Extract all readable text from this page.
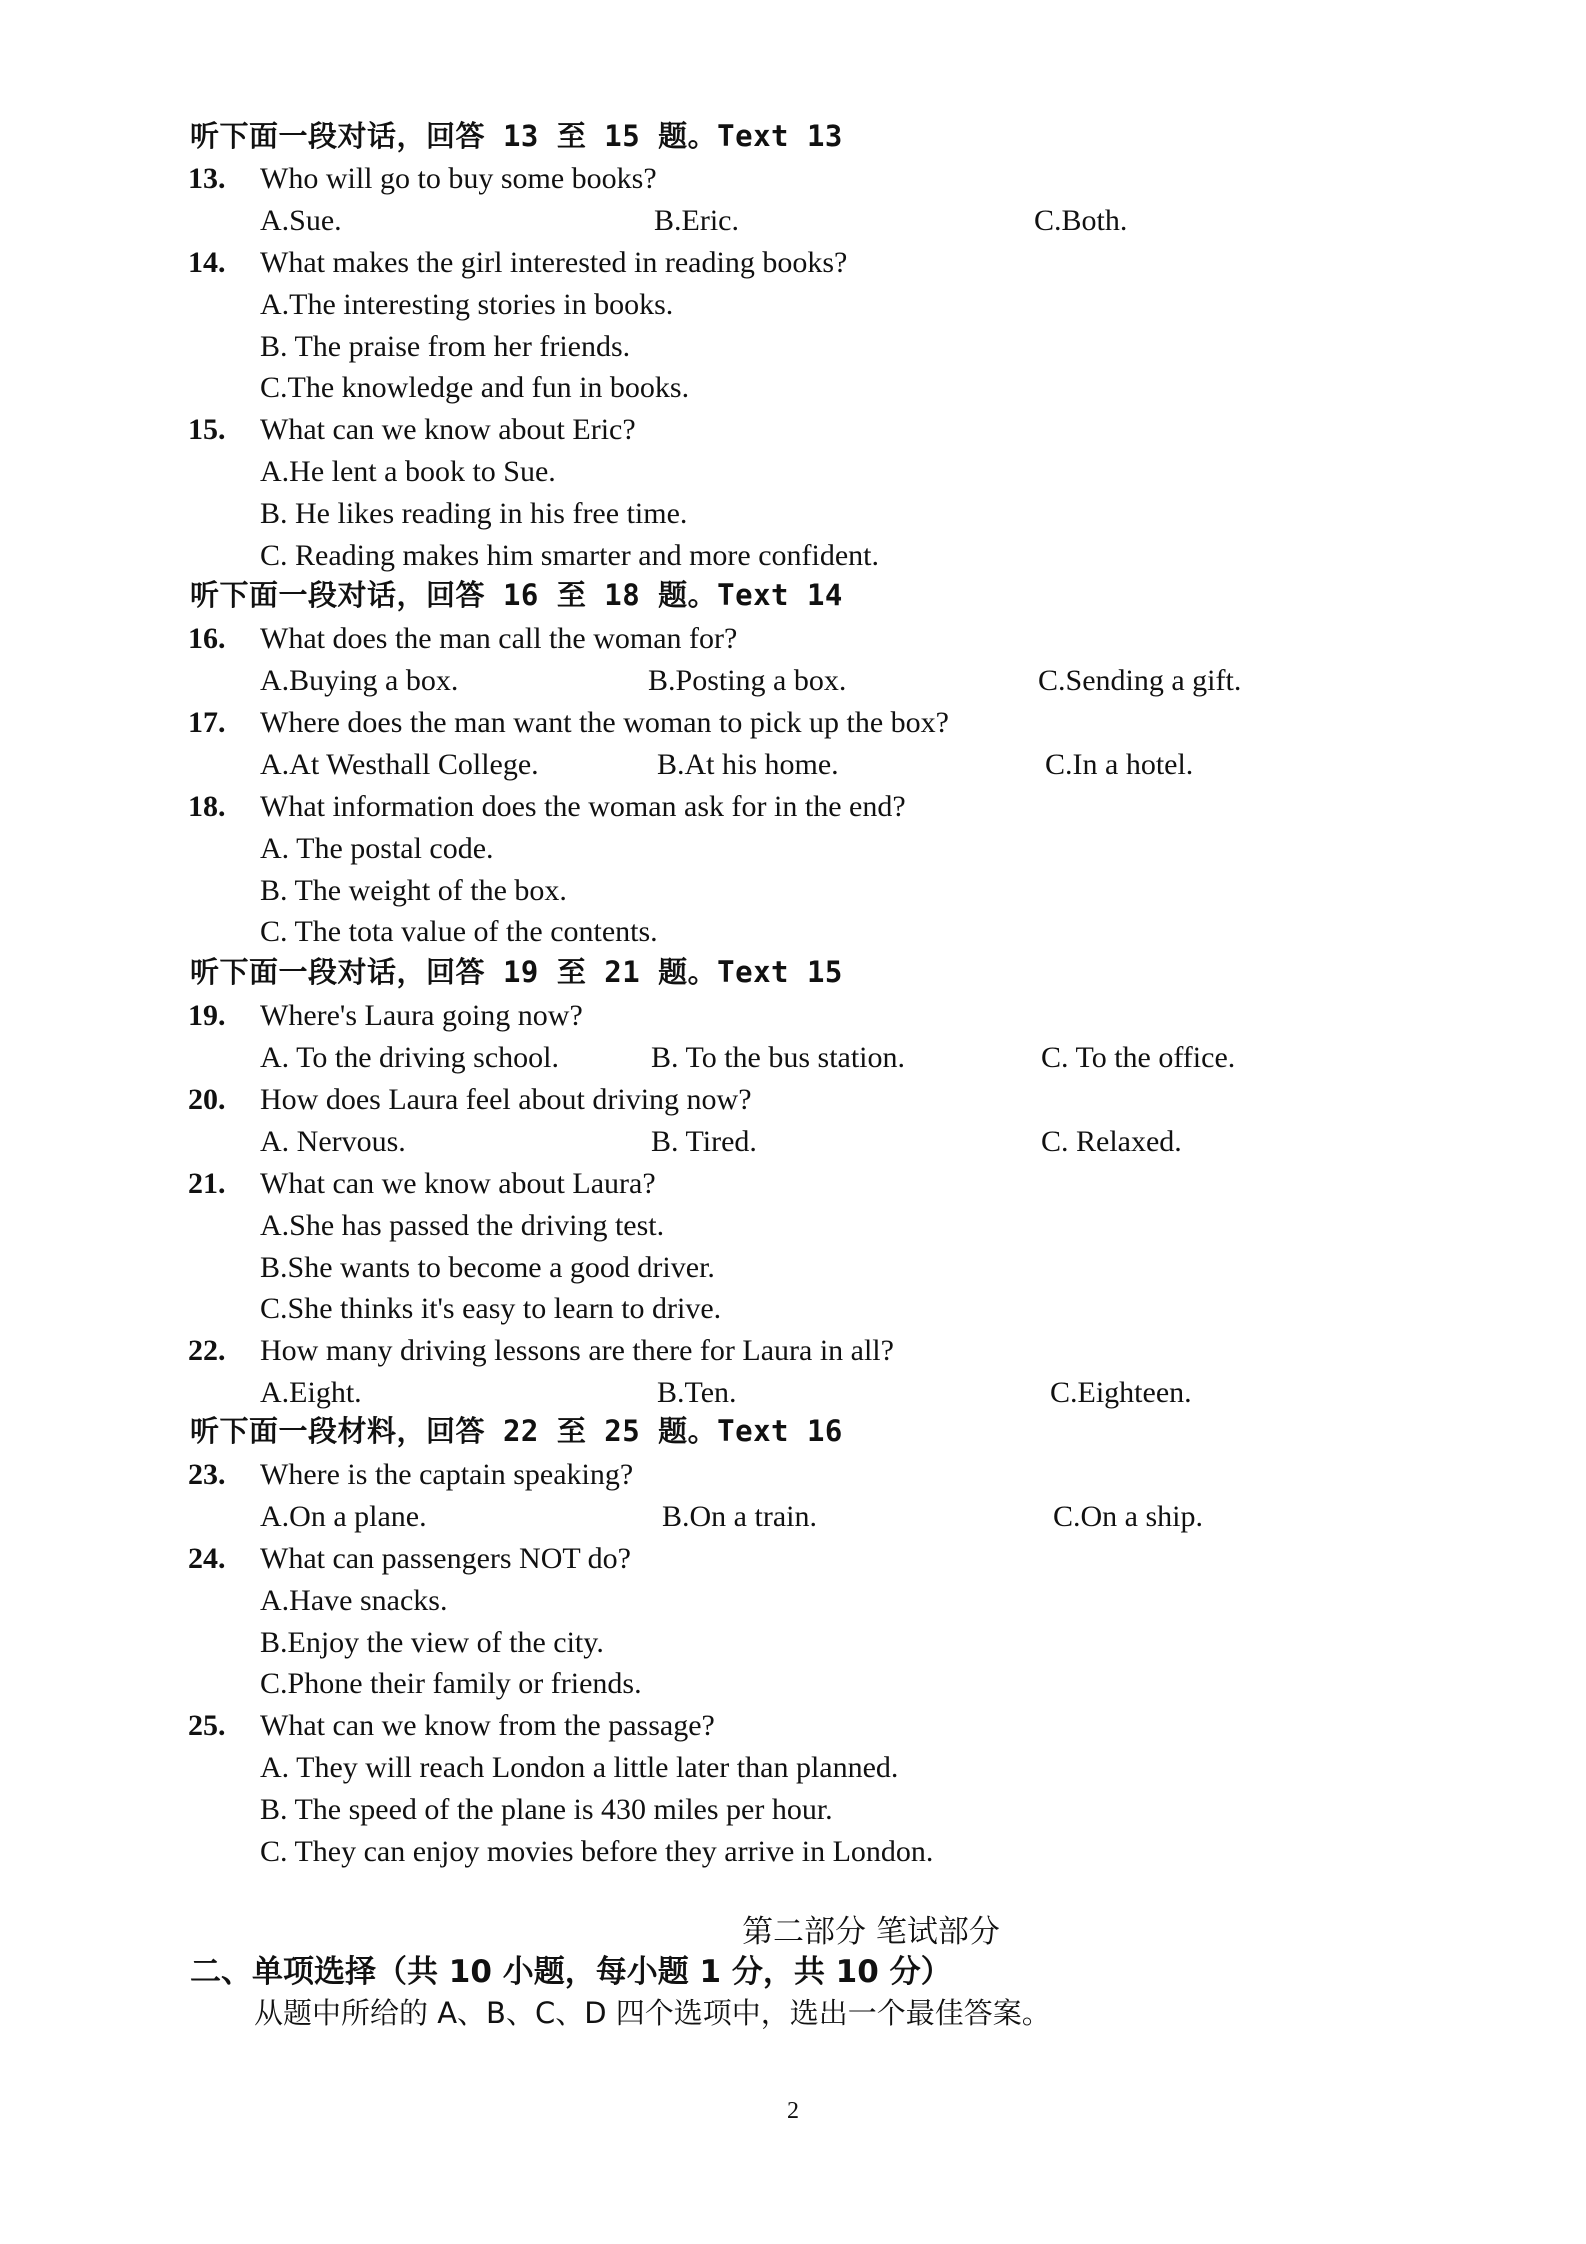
听下面一段对话，回答 13 至 15 题。Text 13
13. Who will go to buy some books?
A.Sue.	B.Eric.	C.Both.
14. What makes the girl interested in reading books?
A.The interesting stories in books.
B. The praise from her friends.
C.The knowledge and fun in books.
15. What can we know about Eric?
A.He lent a book to Sue.
B. He likes reading in his free time.
C. Reading makes him smarter and more confident.
听下面一段对话，回答 16 至 18 题。Text 14
16. What does the man call the woman for?
A.Buying a box.	B.Posting a box.	C.Sending a gift.
17. Where does the man want the woman to pick up the box?
A.At Westhall College.	B.At his home.	C.In a hotel.
18. What information does the woman ask for in the end?
A. The postal code.
B. The weight of the box.
C. The tota value of the contents.
听下面一段对话，回答 19 至 21 题。Text 15
19. Where's Laura going now?
A. To the driving school.	B. To the bus station.	C. To the office.
20. How does Laura feel about driving now?
A. Nervous.	B. Tired.	C. Relaxed.
21. What can we know about Laura?
A.She has passed the driving test.
B.She wants to become a good driver.
C.She thinks it's easy to learn to drive.
22. How many driving lessons are there for Laura in all?
A.Eight.	B.Ten.	C.Eighteen.
听下面一段材料，回答 22 至 25 题。Text 16
23. Where is the captain speaking?
A.On a plane.	B.On a train.	C.On a ship.
24. What can passengers NOT do?
A.Have snacks.
B.Enjoy the view of the city.
C.Phone their family or friends.
25. What can we know from the passage?
A. They will reach London a little later than planned.
B. The speed of the plane is 430 miles per hour.
C. They can enjoy movies before they arrive in London.
第二部分 笔试部分
二、单项选择（共 10 小题，每小题 1 分，共 10 分）
从题中所给的 A、B、C、D 四个选项中，选出一个最佳答案。
2
